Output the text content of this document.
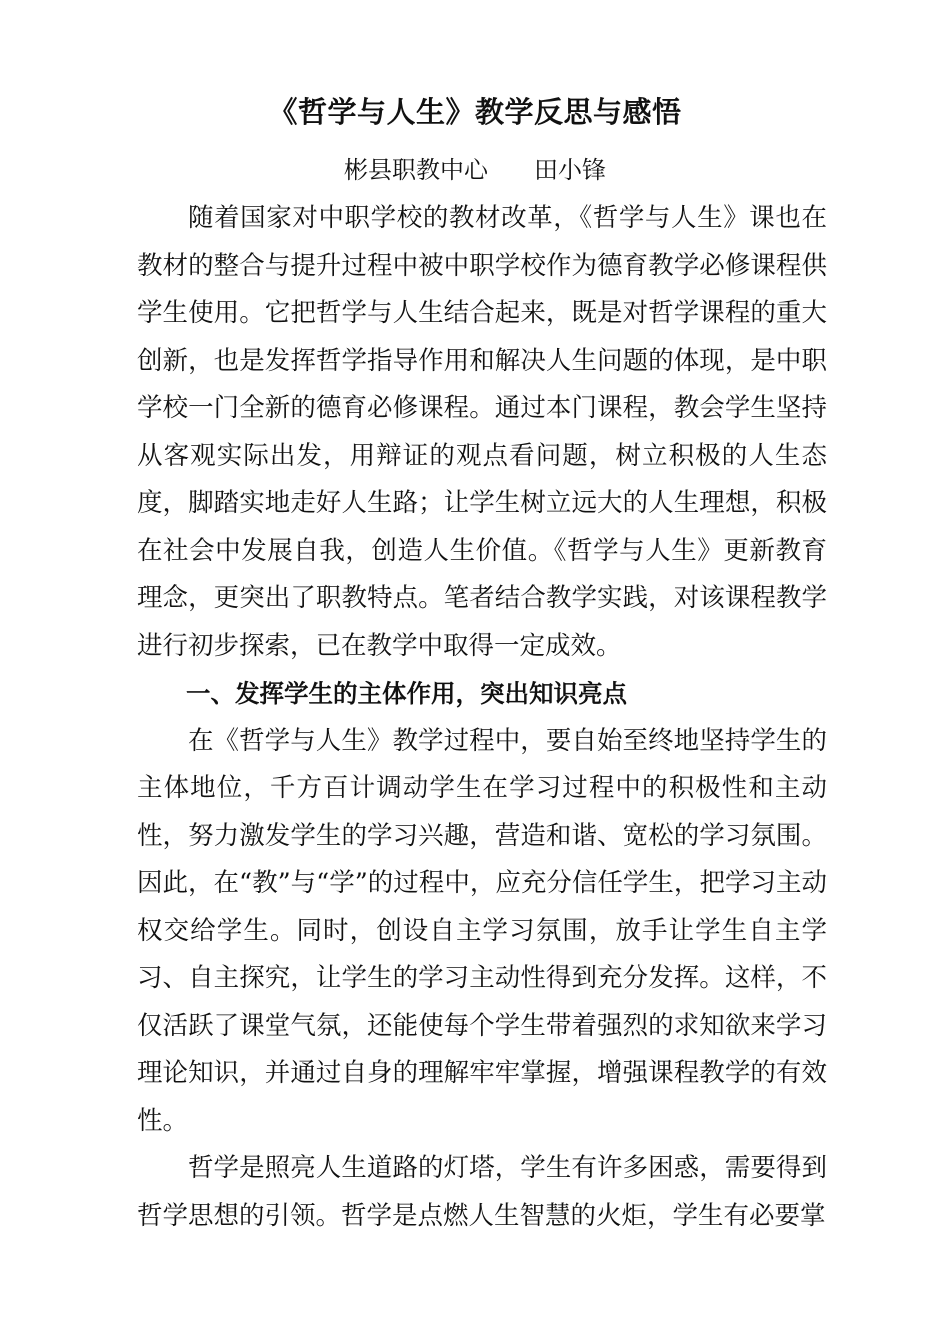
《哲学与人生》教学反思与感悟
彬县职教中心 田小锋

随着国家对中职学校的教材改革，《哲学与人生》课也在教材的整合与提升过程中被中职学校作为德育教学必修课程供学生使用。它把哲学与人生结合起来，既是对哲学课程的重大创新，也是发挥哲学指导作用和解决人生问题的体现，是中职学校一门全新的德育必修课程。通过本门课程，教会学生坚持从客观实际出发，用辩证的观点看问题，树立积极的人生态度，脚踏实地走好人生路；让学生树立远大的人生理想，积极在社会中发展自我，创造人生价值。《哲学与人生》更新教育理念，更突出了职教特点。笔者结合教学实践，对该课程教学进行初步探索，已在教学中取得一定成效。

一、发挥学生的主体作用，突出知识亮点

在《哲学与人生》教学过程中，要自始至终地坚持学生的主体地位，千方百计调动学生在学习过程中的积极性和主动性，努力激发学生的学习兴趣，营造和谐、宽松的学习氛围。因此，在“教”与“学”的过程中，应充分信任学生，把学习主动权交给学生。同时，创设自主学习氛围，放手让学生自主学习、自主探究，让学生的学习主动性得到充分发挥。这样，不仅活跃了课堂气氛，还能使每个学生带着强烈的求知欲来学习理论知识，并通过自身的理解牢牢掌握，增强课程教学的有效性。

哲学是照亮人生道路的灯塔，学生有许多困惑，需要得到哲学思想的引领。哲学是点燃人生智慧的火炬，学生有必要掌
